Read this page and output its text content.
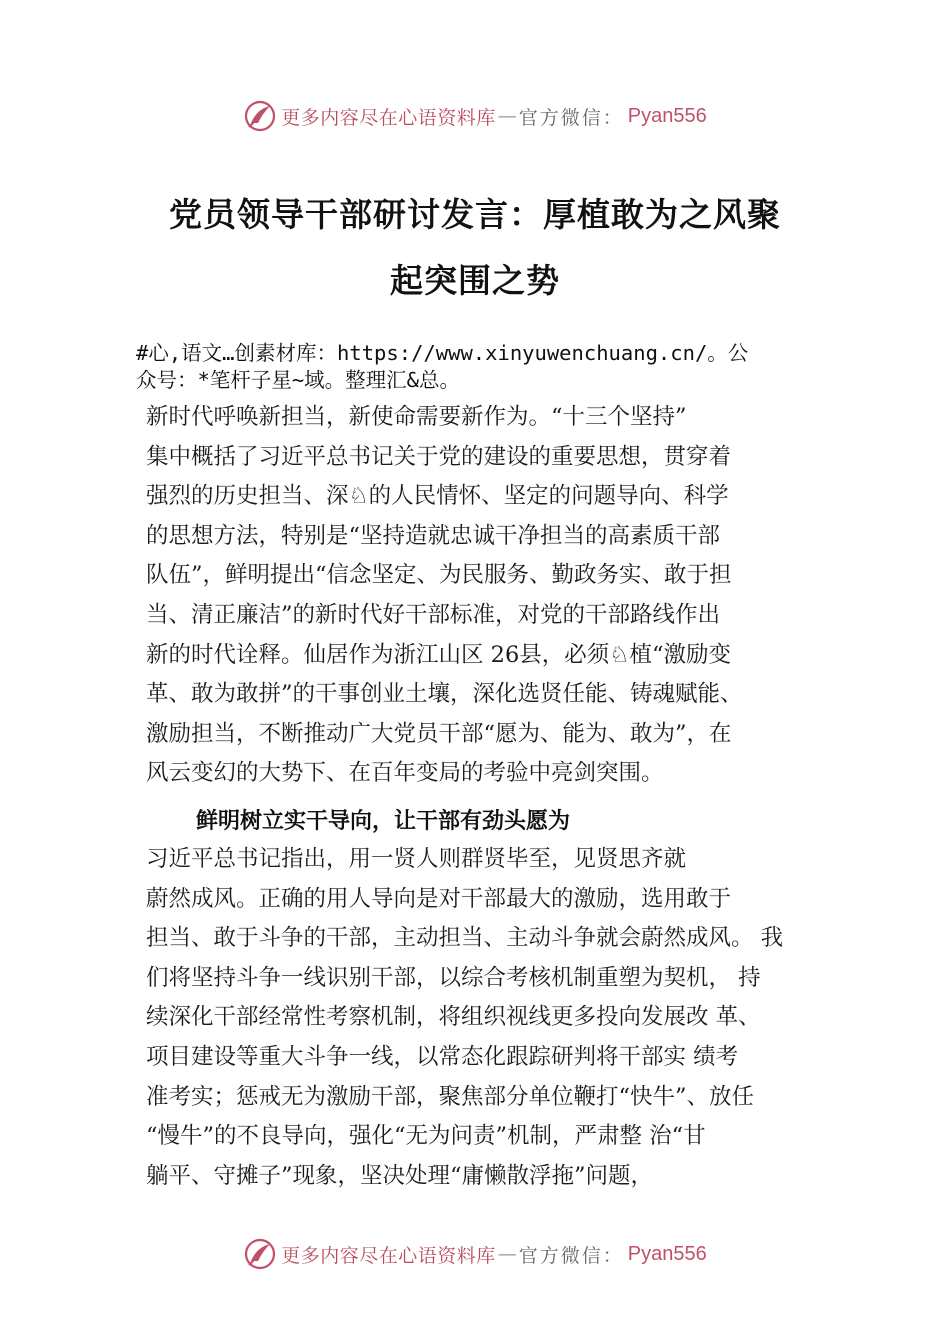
更多内容尽在心语资料库 — 官方微信： Pyan556
党员领导干部研讨发言：厚植敢为之风聚
起突围之势
#心,语文…创素材库：https://www.xinyuwenchuang.cn/。公
众号：*笔杆子星~域。整理汇&总。
新时代呼唤新担当，新使命需要新作为。“十三个坚持”
集中概括了习近平总书记关于党的建设的重要思想，贯穿着
强烈的历史担当、深♘的人民情怀、坚定的问题导向、科学
的思想方法，特别是“坚持造就忠诚干净担当的高素质干部
队伍”，鲜明提出“信念坚定、为民服务、勤政务实、敢于担
当、清正廉洁”的新时代好干部标准，对党的干部路线作出
新的时代诠释。仙居作为浙江山区 26县，必须♘植“激励变
革、敢为敢拼”的干事创业土壤，深化选贤任能、铸魂赋能、
激励担当，不断推动广大党员干部“愿为、能为、敢为”，在
风云变幻的大势下、在百年变局的考验中亮剑突围。
鲜明树立实干导向，让干部有劲头愿为
习近平总书记指出，用一贤人则群贤毕至，见贤思齐就
蔚然成风。正确的用人导向是对干部最大的激励，选用敢于
担当、敢于斗争的干部，主动担当、主动斗争就会蔚然成风。 我
们将坚持斗争一线识别干部，以综合考核机制重塑为契机， 持
续深化干部经常性考察机制，将组织视线更多投向发展改 革、
项目建设等重大斗争一线，以常态化跟踪研判将干部实 绩考
准考实；惩戒无为激励干部，聚焦部分单位鞭打“快牛”、放任
“慢牛”的不良导向，强化“无为问责”机制，严肃整 治“甘
躺平、守摊子”现象，坚决处理“庸懒散浮拖”问题，
更多内容尽在心语资料库 — 官方微信： Pyan556
